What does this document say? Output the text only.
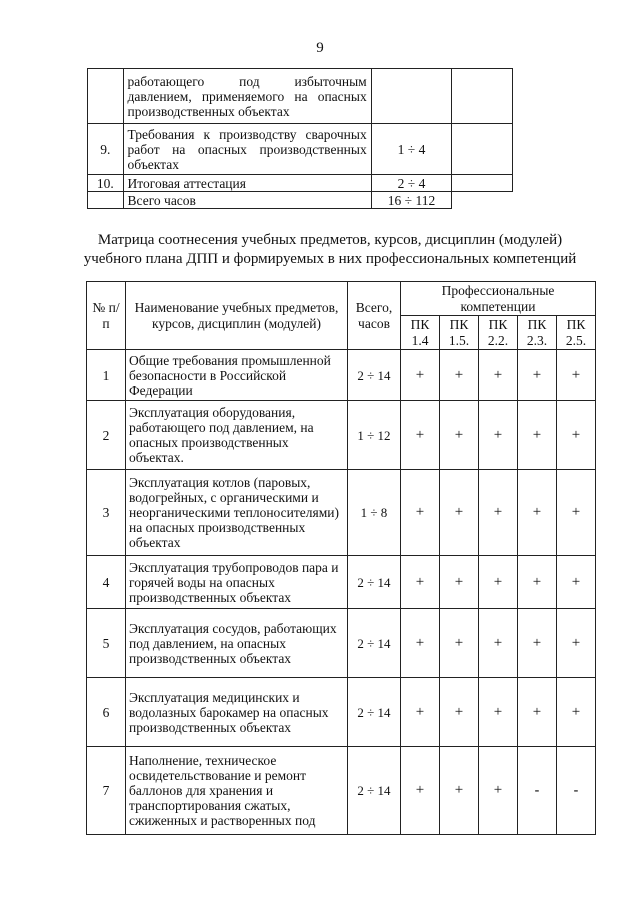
9
	работающего под избыточным давлением, применяемого на опасных производственных объектах		
9.	Требования к производству сварочных работ на опасных производственных объектах	1 ÷ 4	
10.	Итоговая аттестация	2 ÷ 4	
	Всего часов	16 ÷ 112	
Матрица соотнесения учебных предметов, курсов, дисциплин (модулей)
учебного плана ДПП и формируемых в них профессиональных компетенций
№ п/п	Наименование учебных предметов, курсов, дисциплин (модулей)	Всего, часов	Профессиональные компетенции				
			ПК 1.4	ПК 1.5.	ПК 2.2.	ПК 2.3.	ПК 2.5.
1	Общие требования промышленной безопасности в Российской Федерации	2 ÷ 14	+	+	+	+	+
2	Эксплуатация оборудования, работающего под давлением, на опасных производственных объектах.	1 ÷ 12	+	+	+	+	+
3	Эксплуатация котлов (паровых, водогрейных, с органическими и неорганическими теплоносителями) на опасных производственных объектах	1 ÷ 8	+	+	+	+	+
4	Эксплуатация трубопроводов пара и горячей воды на опасных производственных объектах	2 ÷ 14	+	+	+	+	+
5	Эксплуатация сосудов, работающих под давлением, на опасных производственных объектах	2 ÷ 14	+	+	+	+	+
6	Эксплуатация медицинских и водолазных барокамер на опасных производственных объектах	2 ÷ 14	+	+	+	+	+
7	Наполнение, техническое освидетельствование и ремонт баллонов для хранения и транспортирования сжатых, сжиженных и растворенных под	2 ÷ 14	+	+	+	-	-
